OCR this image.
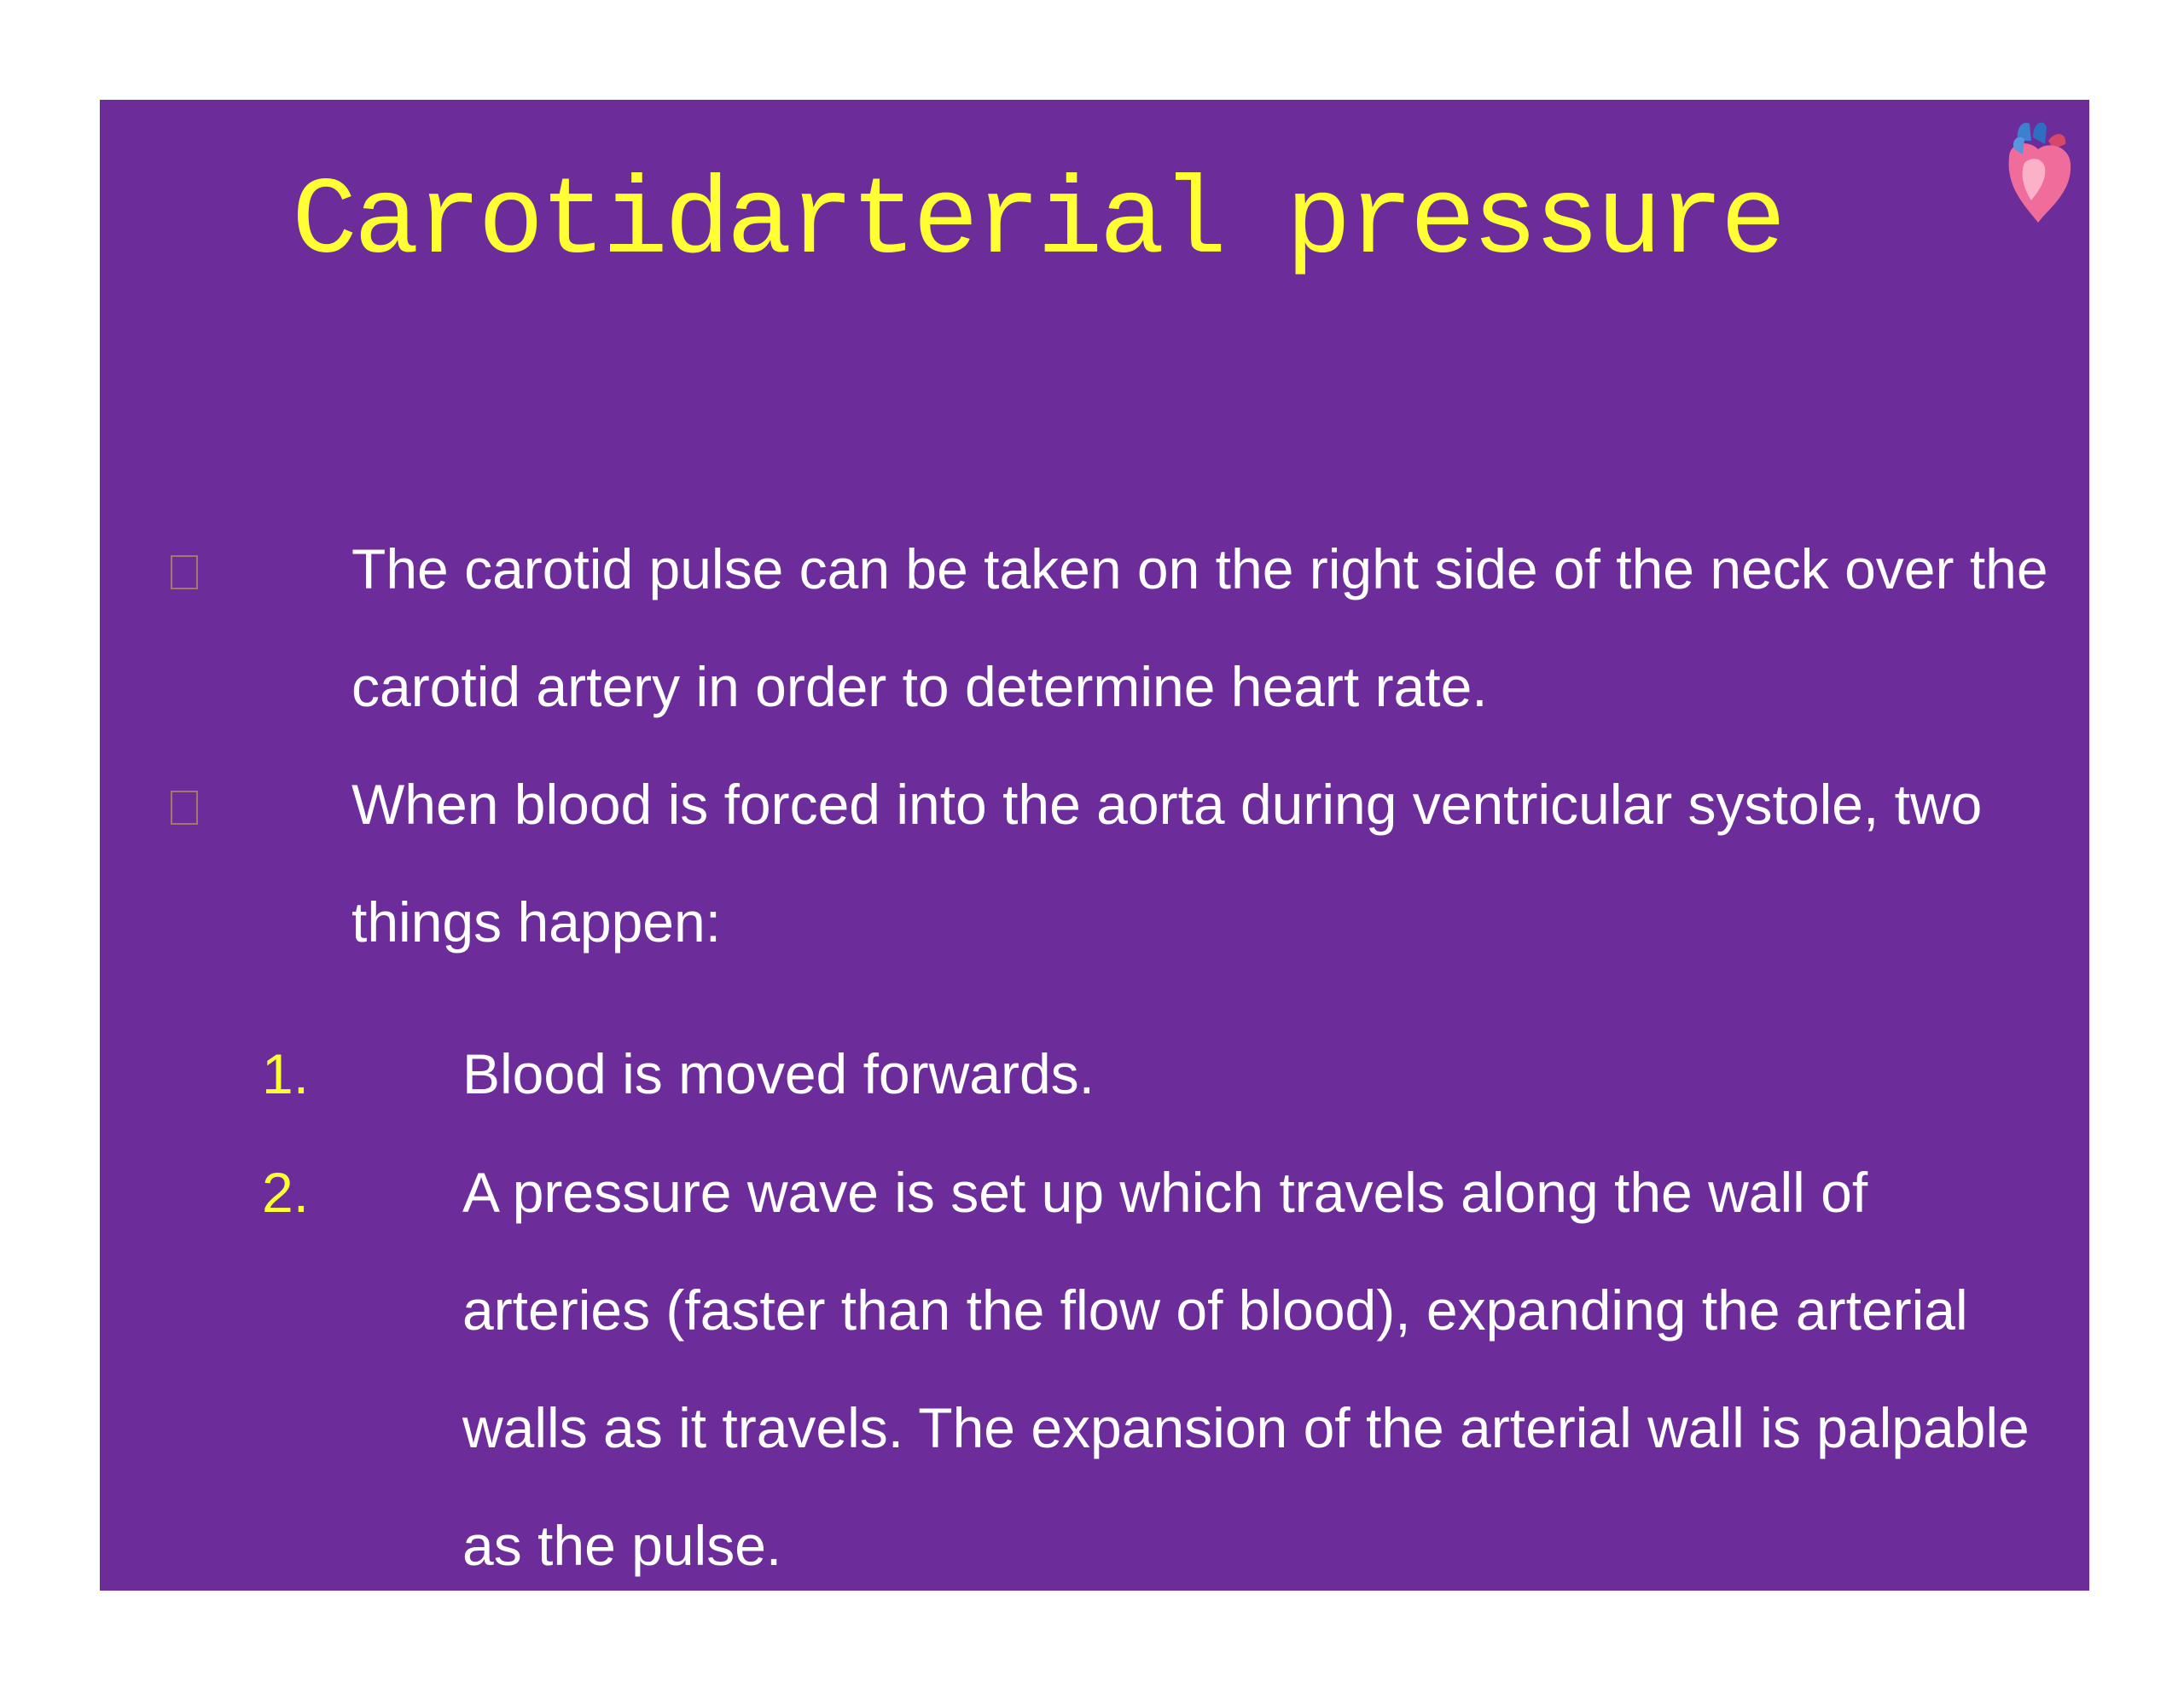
Carotidarterial pressure
The carotid pulse can be taken on the right side of the neck over the carotid artery in order to determine heart rate.
When blood is forced into the aorta during ventricular systole, two things happen:
1.	Blood is moved forwards.
2.	A pressure wave is set up which travels along the wall of arteries (faster than the flow of blood), expanding the arterial walls as it travels. The expansion of the arterial wall is palpable as the pulse.
